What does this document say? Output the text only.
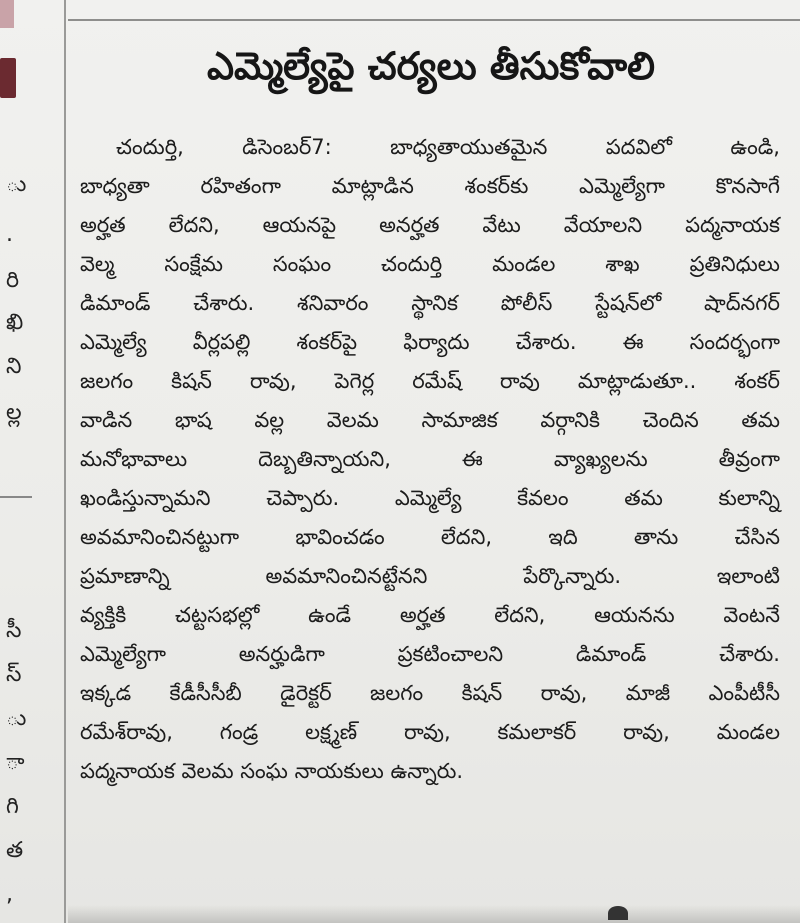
ు
.
రి
ఖి
ని
ల్ల
సీ
స్
ు
ా
గి
త
,
ఎమ్మెల్యేపై చర్యలు తీసుకోవాలి
చందుర్తి,	డిసెంబర్7:	బాధ్యతాయుతమైన	పదవిలో	ఉండి,
బాధ్యతా రహితంగా మాట్లాడిన శంకర్‌కు ఎమ్మెల్యేగా కొనసాగే
అర్హత లేదని, ఆయనపై అనర్హత వేటు వేయాలని పద్మనాయక
వెల్మ సంక్షేమ సంఘం చందుర్తి మండల శాఖ ప్రతినిధులు
డిమాండ్ చేశారు. శనివారం స్థానిక పోలీస్ స్టేషన్‌లో షాద్‌నగర్
ఎమ్మెల్యే వీర్లపల్లి శంకర్‌పై ఫిర్యాదు చేశారు. ఈ సందర్భంగా
జలగం కిషన్ రావు, పెగెర్ల రమేష్ రావు మాట్లాడుతూ.. శంకర్
వాడిన భాష వల్ల వెలమ సామాజిక వర్గానికి చెందిన తమ
మనోభావాలు	దెబ్బతిన్నాయని,	ఈ	వ్యాఖ్యలను	తీవ్రంగా
ఖండిస్తున్నామని	చెప్పారు.	ఎమ్మెల్యే	కేవలం	తమ	కులాన్ని
అవమానించినట్టుగా	భావించడం	లేదని,	ఇది	తాను	చేసిన
ప్రమాణాన్ని	అవమానించినట్టేనని	పేర్కొన్నారు.	ఇలాంటి
వ్యక్తికి చట్టసభల్లో ఉండే అర్హత లేదని, ఆయనను వెంటనే
ఎమ్మెల్యేగా	అనర్హుడిగా	ప్రకటించాలని	డిమాండ్	చేశారు.
ఇక్కడ కేడీసీసీబీ డైరెక్టర్ జలగం కిషన్ రావు, మాజీ ఎంపీటీసీ
రమేశ్‌రావు, గండ్ర లక్ష్మణ్ రావు, కమలాకర్ రావు, మండల
పద్మనాయక వెలమ సంఘ నాయకులు ఉన్నారు.
